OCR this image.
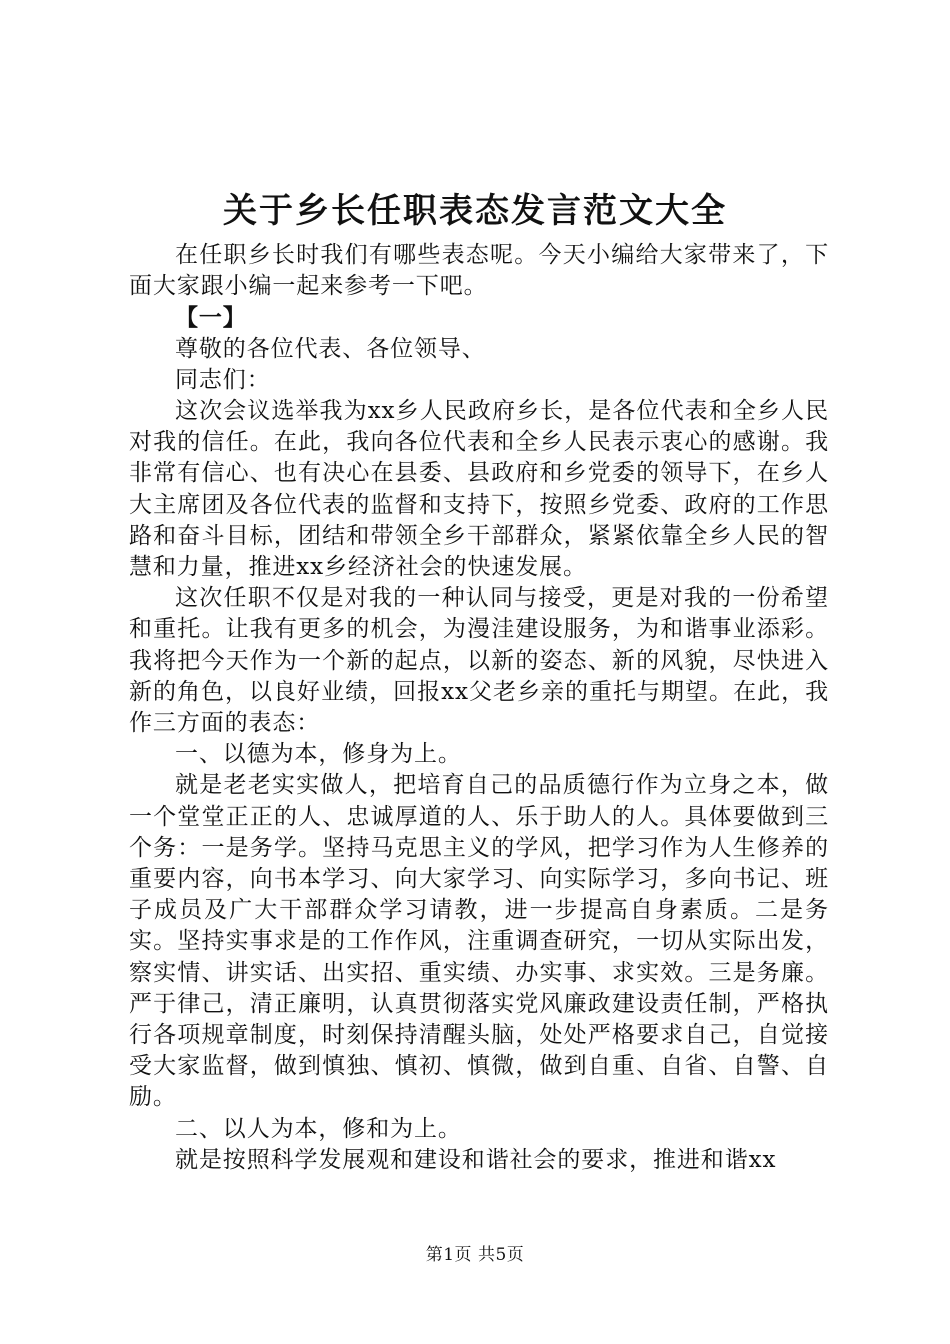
关于乡长任职表态发言范文大全

在任职乡长时我们有哪些表态呢。今天小编给大家带来了，下面大家跟小编一起来参考一下吧。

【一】

尊敬的各位代表、各位领导、

同志们：

这次会议选举我为xx乡人民政府乡长，是各位代表和全乡人民对我的信任。在此，我向各位代表和全乡人民表示衷心的感谢。我非常有信心、也有决心在县委、县政府和乡党委的领导下，在乡人大主席团及各位代表的监督和支持下，按照乡党委、政府的工作思路和奋斗目标，团结和带领全乡干部群众，紧紧依靠全乡人民的智慧和力量，推进xx乡经济社会的快速发展。

这次任职不仅是对我的一种认同与接受，更是对我的一份希望和重托。让我有更多的机会，为漫洼建设服务，为和谐事业添彩。我将把今天作为一个新的起点，以新的姿态、新的风貌，尽快进入新的角色，以良好业绩，回报xx父老乡亲的重托与期望。在此，我作三方面的表态：

一、以德为本，修身为上。

就是老老实实做人，把培育自己的品质德行作为立身之本，做一个堂堂正正的人、忠诚厚道的人、乐于助人的人。具体要做到三个务：一是务学。坚持马克思主义的学风，把学习作为人生修养的重要内容，向书本学习、向大家学习、向实际学习，多向书记、班子成员及广大干部群众学习请教，进一步提高自身素质。二是务实。坚持实事求是的工作作风，注重调查研究，一切从实际出发，察实情、讲实话、出实招、重实绩、办实事、求实效。三是务廉。严于律己，清正廉明，认真贯彻落实党风廉政建设责任制，严格执行各项规章制度，时刻保持清醒头脑，处处严格要求自己，自觉接受大家监督，做到慎独、慎初、慎微，做到自重、自省、自警、自励。

二、以人为本，修和为上。

就是按照科学发展观和建设和谐社会的要求，推进和谐xx

第1页 共5页
